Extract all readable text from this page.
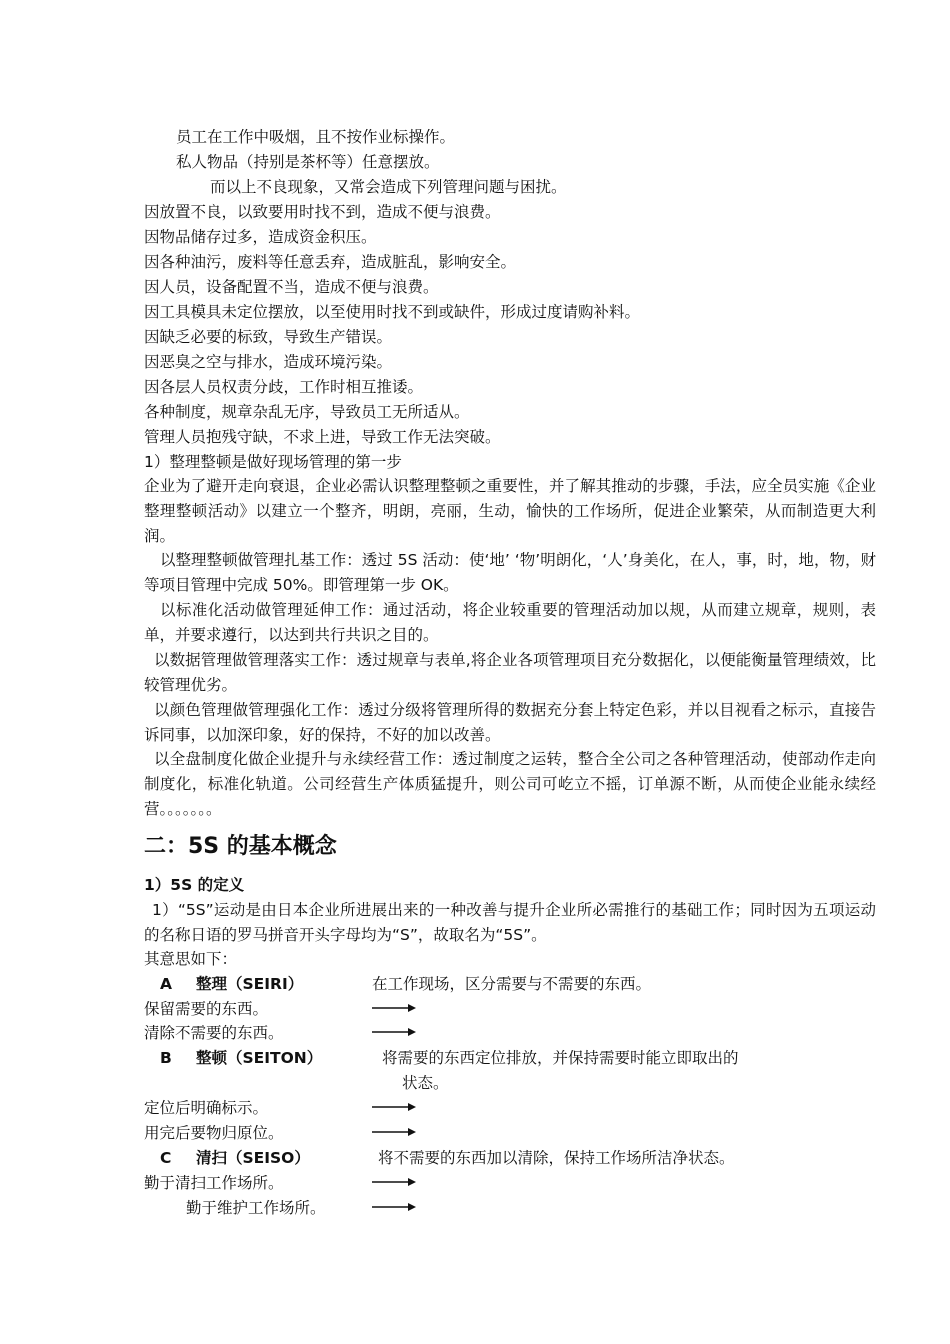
员工在工作中吸烟，且不按作业标操作。
私人物品（持别是茶杯等）任意摆放。
而以上不良现象，又常会造成下列管理问题与困扰。
因放置不良，以致要用时找不到，造成不便与浪费。
因物品储存过多，造成资金积压。
因各种油污，废料等任意丢弃，造成脏乱，影响安全。
因人员，设备配置不当，造成不便与浪费。
因工具模具未定位摆放，以至使用时找不到或缺件，形成过度请购补料。
因缺乏必要的标致，导致生产错误。
因恶臭之空与排水，造成环境污染。
因各层人员权责分歧，工作时相互推诿。
各种制度，规章杂乱无序，导致员工无所适从。
管理人员抱残守缺，不求上进，导致工作无法突破。
1）整理整顿是做好现场管理的第一步
企业为了避开走向衰退，企业必需认识整理整顿之重要性，并了解其推动的步骤，手法，应全员实施《企业整理整顿活动》以建立一个整齐，明朗，亮丽，生动，愉快的工作场所，促进企业繁荣，从而制造更大利润。
以整理整顿做管理扎基工作：透过 5S 活动：使‘地’ ‘物’明朗化，‘人’身美化，在人，事，时，地，物，财等项目管理中完成 50%。即管理第一步 OK。
以标准化活动做管理延伸工作：通过活动，将企业较重要的管理活动加以规，从而建立规章，规则，表单，并要求遵行，以达到共行共识之目的。
以数据管理做管理落实工作：透过规章与表单,将企业各项管理项目充分数据化，以便能衡量管理绩效，比较管理优劣。
以颜色管理做管理强化工作：透过分级将管理所得的数据充分套上特定色彩，并以目视看之标示，直接告诉同事，以加深印象，好的保持，不好的加以改善。
以全盘制度化做企业提升与永续经营工作：透过制度之运转，整合全公司之各种管理活动，使部动作走向制度化，标准化轨道。公司经营生产体质猛提升，则公司可屹立不摇，订单源不断，从而使企业能永续经营。。。。。。。
二：5S 的基本概念
1）5S 的定义
1）“5S”运动是由日本企业所进展出来的一种改善与提升企业所必需推行的基础工作；同时因为五项运动的名称日语的罗马拼音开头字母均为“S”，故取名为“5S”。
其意思如下：
A 整理（SEIRI）	在工作现场，区分需要与不需要的东西。
保留需要的东西。
清除不需要的东西。
B 整顿（SEITON）	将需要的东西定位排放，并保持需要时能立即取出的
状态。
定位后明确标示。
用完后要物归原位。
C 清扫（SEISO）	将不需要的东西加以清除，保持工作场所洁净状态。
勤于清扫工作场所。
勤于维护工作场所。
